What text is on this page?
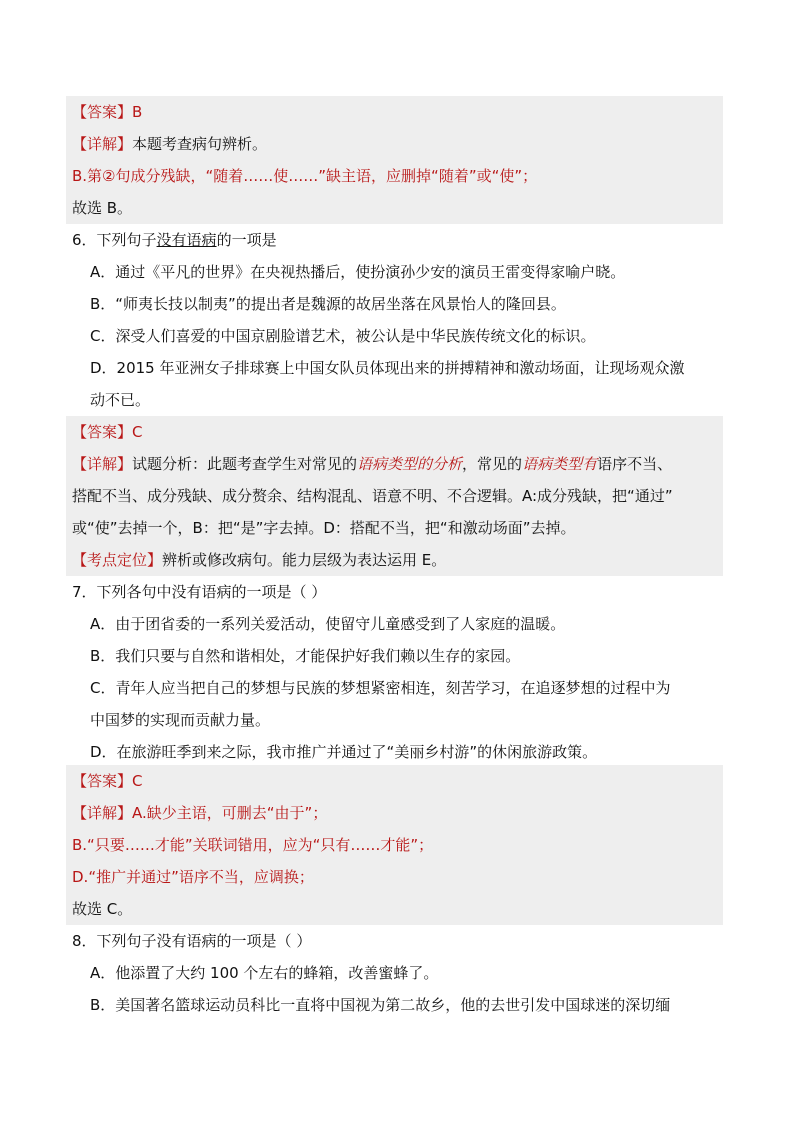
【答案】B
【详解】本题考查病句辨析。
B.第②句成分残缺，“随着……使……”缺主语，应删掉“随着”或“使”；
故选 B。
6．下列句子没有语病的一项是
A．通过《平凡的世界》在央视热播后，使扮演孙少安的演员王雷变得家喻户晓。
B．“师夷长技以制夷”的提出者是魏源的故居坐落在风景怡人的隆回县。
C．深受人们喜爱的中国京剧脸谱艺术，被公认是中华民族传统文化的标识。
D．2015 年亚洲女子排球赛上中国女队员体现出来的拼搏精神和激动场面，让现场观众激
动不已。
【答案】C
【详解】试题分析：此题考查学生对常见的语病类型的分析，常见的语病类型有语序不当、
搭配不当、成分残缺、成分赘余、结构混乱、语意不明、不合逻辑。A:成分残缺，把“通过”
或“使”去掉一个，B：把“是”字去掉。D：搭配不当，把“和激动场面”去掉。
【考点定位】辨析或修改病句。能力层级为表达运用 E。
7．下列各句中没有语病的一项是（ ）
A．由于团省委的一系列关爱活动，使留守儿童感受到了人家庭的温暖。
B．我们只要与自然和谐相处，才能保护好我们赖以生存的家园。
C．青年人应当把自己的梦想与民族的梦想紧密相连，刻苦学习，在追逐梦想的过程中为
中国梦的实现而贡献力量。
D．在旅游旺季到来之际，我市推广并通过了“美丽乡村游”的休闲旅游政策。
【答案】C
【详解】A.缺少主语，可删去“由于”；
B.“只要……才能”关联词错用，应为“只有……才能”；
D.“推广并通过”语序不当，应调换；
故选 C。
8．下列句子没有语病的一项是（ ）
A．他添置了大约 100 个左右的蜂箱，改善蜜蜂了。
B．美国著名篮球运动员科比一直将中国视为第二故乡，他的去世引发中国球迷的深切缅
